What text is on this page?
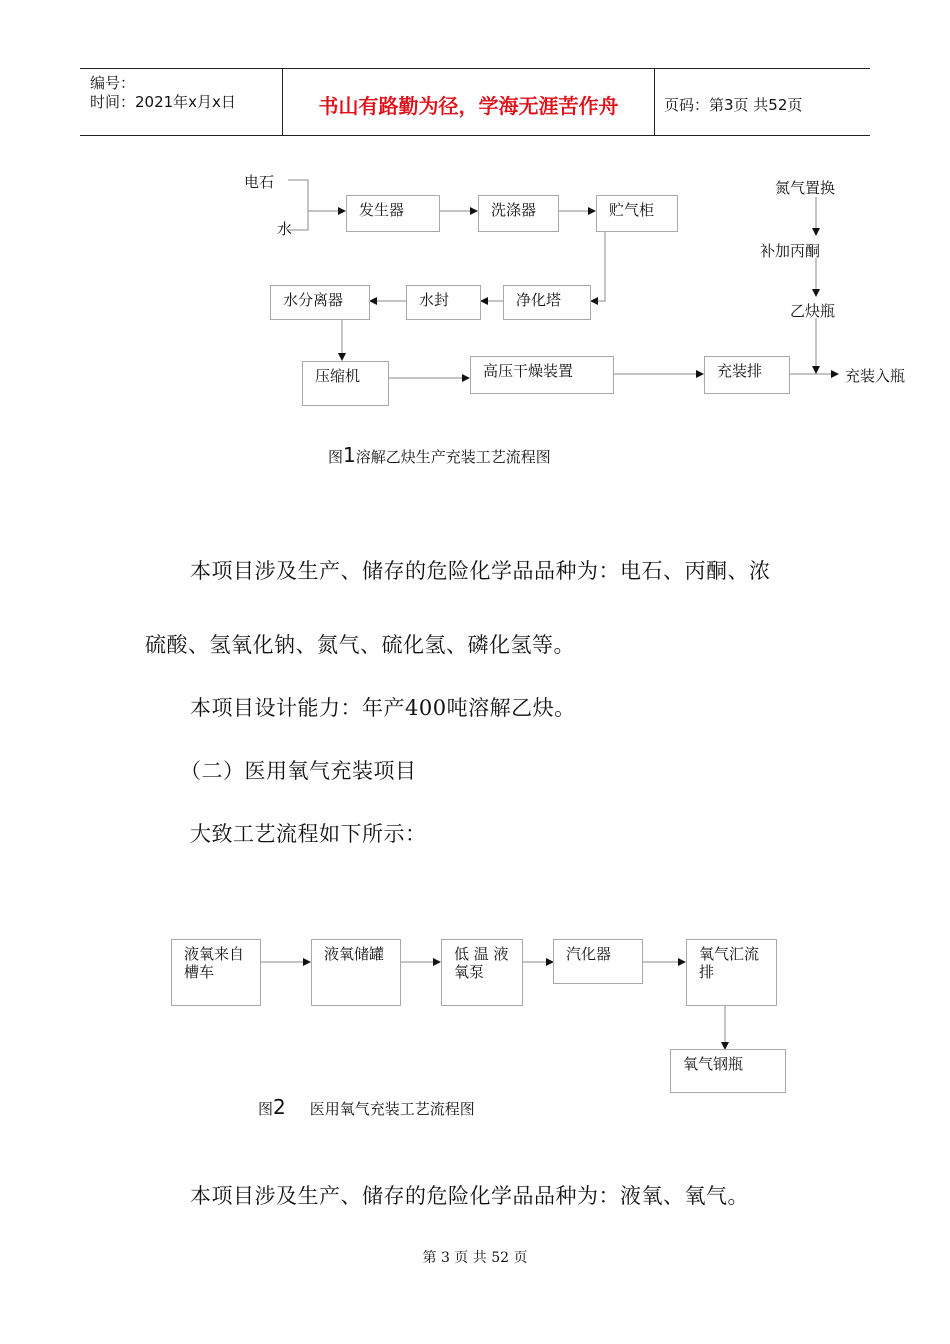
编号：
时间：2021年x月x日	书山有路勤为径，学海无涯苦作舟	页码：第3页 共52页
电石
水
发生器	洗涤器	贮气柜
水分离器	水封	净化塔
压缩机	高压干燥装置	充装排
氮气置换
补加丙酮
乙炔瓶
充装入瓶
图1溶解乙炔生产充装工艺流程图
本项目涉及生产、储存的危险化学品品种为：电石、丙酮、浓
硫酸、氢氧化钠、氮气、硫化氢、磷化氢等。
本项目设计能力：年产400吨溶解乙炔。
（二）医用氧气充装项目
大致工艺流程如下所示：
液氧来自
槽车
液氧储罐	低 温 液
氧泵
汽化器	氧气汇流
排
氧气钢瓶
图2 医用氧气充装工艺流程图
本项目涉及生产、储存的危险化学品品种为：液氧、氧气。
第 3 页 共 52 页
